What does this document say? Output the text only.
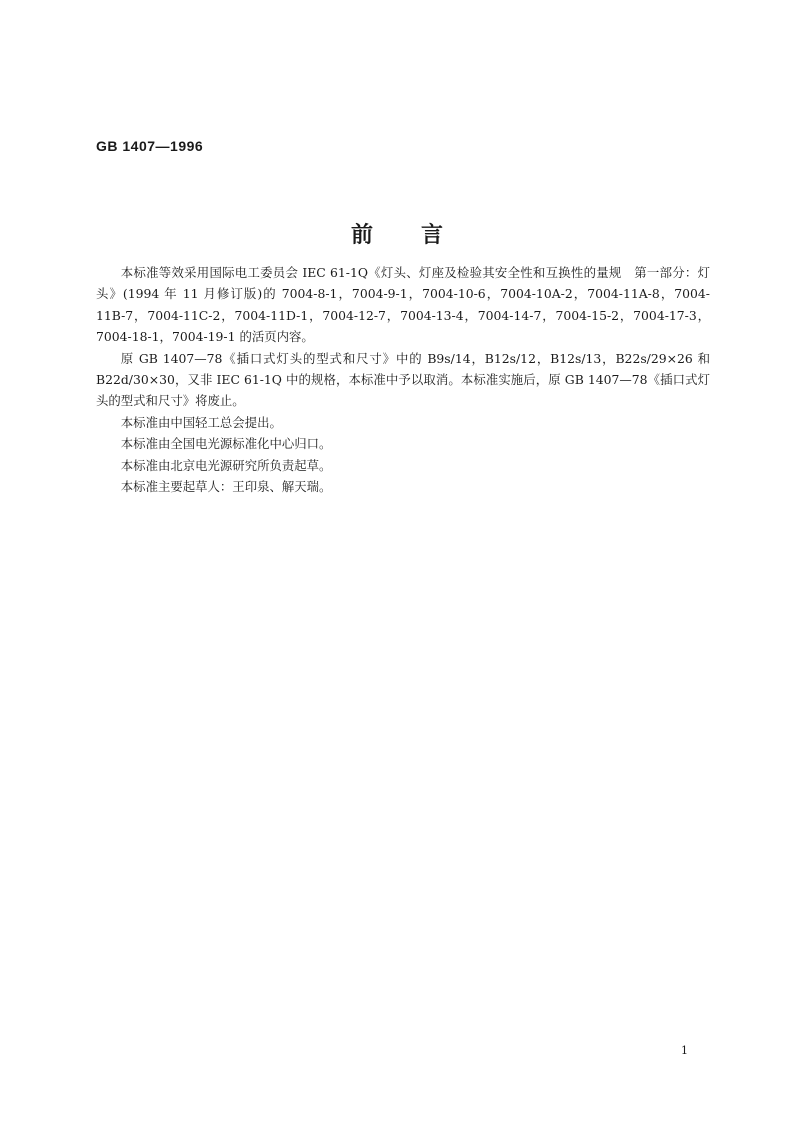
GB 1407—1996
前 言

本标准等效采用国际电工委员会 IEC 61-1Q《灯头、灯座及检验其安全性和互换性的量规　第一部分：灯头》(1994 年 11 月修订版)的 7004-8-1，7004-9-1，7004-10-6，7004-10A-2，7004-11A-8，7004-11B-7，7004-11C-2，7004-11D-1，7004-12-7，7004-13-4，7004-14-7，7004-15-2，7004-17-3，7004-18-1，7004-19-1 的活页内容。

原 GB 1407—78《插口式灯头的型式和尺寸》中的 B9s/14，B12s/12，B12s/13，B22s/29×26 和 B22d/30×30，又非 IEC 61-1Q 中的规格，本标准中予以取消。本标准实施后，原 GB 1407—78《插口式灯头的型式和尺寸》将废止。

本标准由中国轻工总会提出。

本标准由全国电光源标准化中心归口。

本标准由北京电光源研究所负责起草。

本标准主要起草人：王印泉、解天瑞。

1
